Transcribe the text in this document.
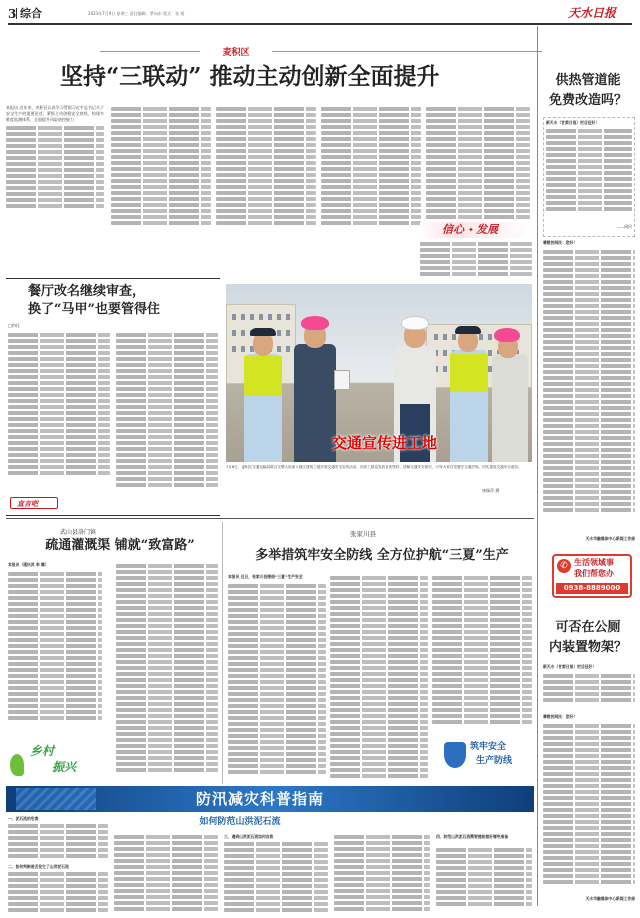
3 综合	2023年7月9日 星期三 责任编辑：罗向东 版式：张 媛	天水日报
麦积区
坚持“三联动” 推动主动创新全面提升
本报讯 近年来，麦积区认真学习贯彻习近平总书记关于安全生产的重要论述，紧抓主动创稳安全底线，构建多维度监测体系，全面提升风险防控能力
信心 ✦ 发展
餐厅改名继续审查，
换了“马甲”也要管得住
□和佳
直言吧
交通宣传进工地
7月6日，麦积区交通运输局联合交警大队深入辖区建筑工地开展交通安全宣传活动，向务工群众发放宣传资料，讲解交通安全知识，引导大家自觉遵守交通法规，切实提高交通安全意识。
康瑞萍 摄
供热管道能
免费改造吗？
新天水（甘肃日报）栏目征好！
——网民
尊敬的网民：您好！
天水市融媒体中心新闻工作部
✆ 生活领域事
我们帮您办
0938-8889000
可否在公厕
内装置物架？
新天水（甘肃日报）栏目征好！
尊敬的网民：您好！
天水市融媒体中心新闻工作部
武山县洛门镇
疏通灌溉渠 铺就“致富路”
本报讯（通讯员 李 霖）
乡村
振兴
张家川县
多举措筑牢安全防线 全方位护航“三夏”生产
本报讯 近日，张家川县围绕“三夏”生产安全
筑牢安全
生产防线
防汛减灾科普指南
一、泥石流的危害
二、如何判断是否发生了山洪泥石流
如何防范山洪泥石流
三、遇到山洪泥石流如何自救	四、防范山洪泥石流需要提前做好哪些准备
